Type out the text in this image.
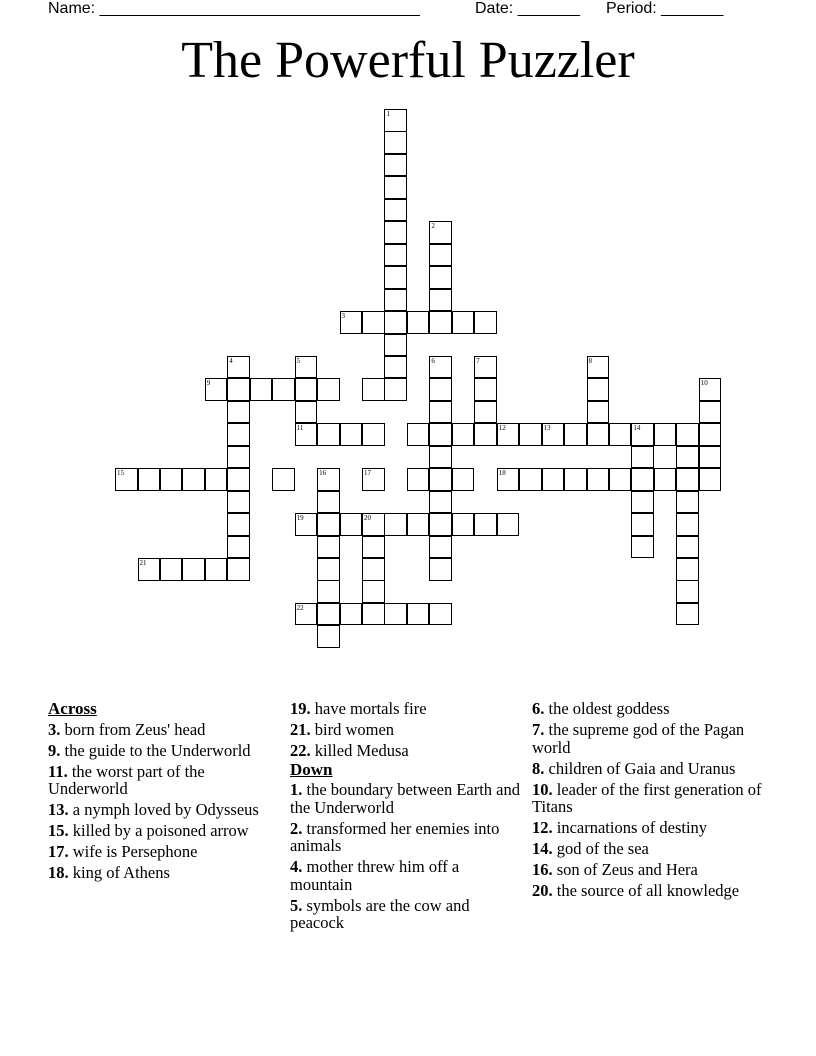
Name: ____________________________________	Date: _______ Period: _______
The Powerful Puzzler
1
2
3
4	5
11
6	7	8
10
9
12	13	14
15	16	17	18
19	20
21
22
Across
3. born from Zeus' head
9. the guide to the Underworld
11. the worst part of the Underworld
13. a nymph loved by Odysseus
15. killed by a poisoned arrow
17. wife is Persephone
18. king of Athens
19. have mortals fire
21. bird women
22. killed Medusa
Down
1. the boundary between Earth and the Underworld
2. transformed her enemies into animals
4. mother threw him off a mountain
5. symbols are the cow and peacock
6. the oldest goddess
7. the supreme god of the Pagan world
8. children of Gaia and Uranus
10. leader of the first generation of Titans
12. incarnations of destiny
14. god of the sea
16. son of Zeus and Hera
20. the source of all knowledge
